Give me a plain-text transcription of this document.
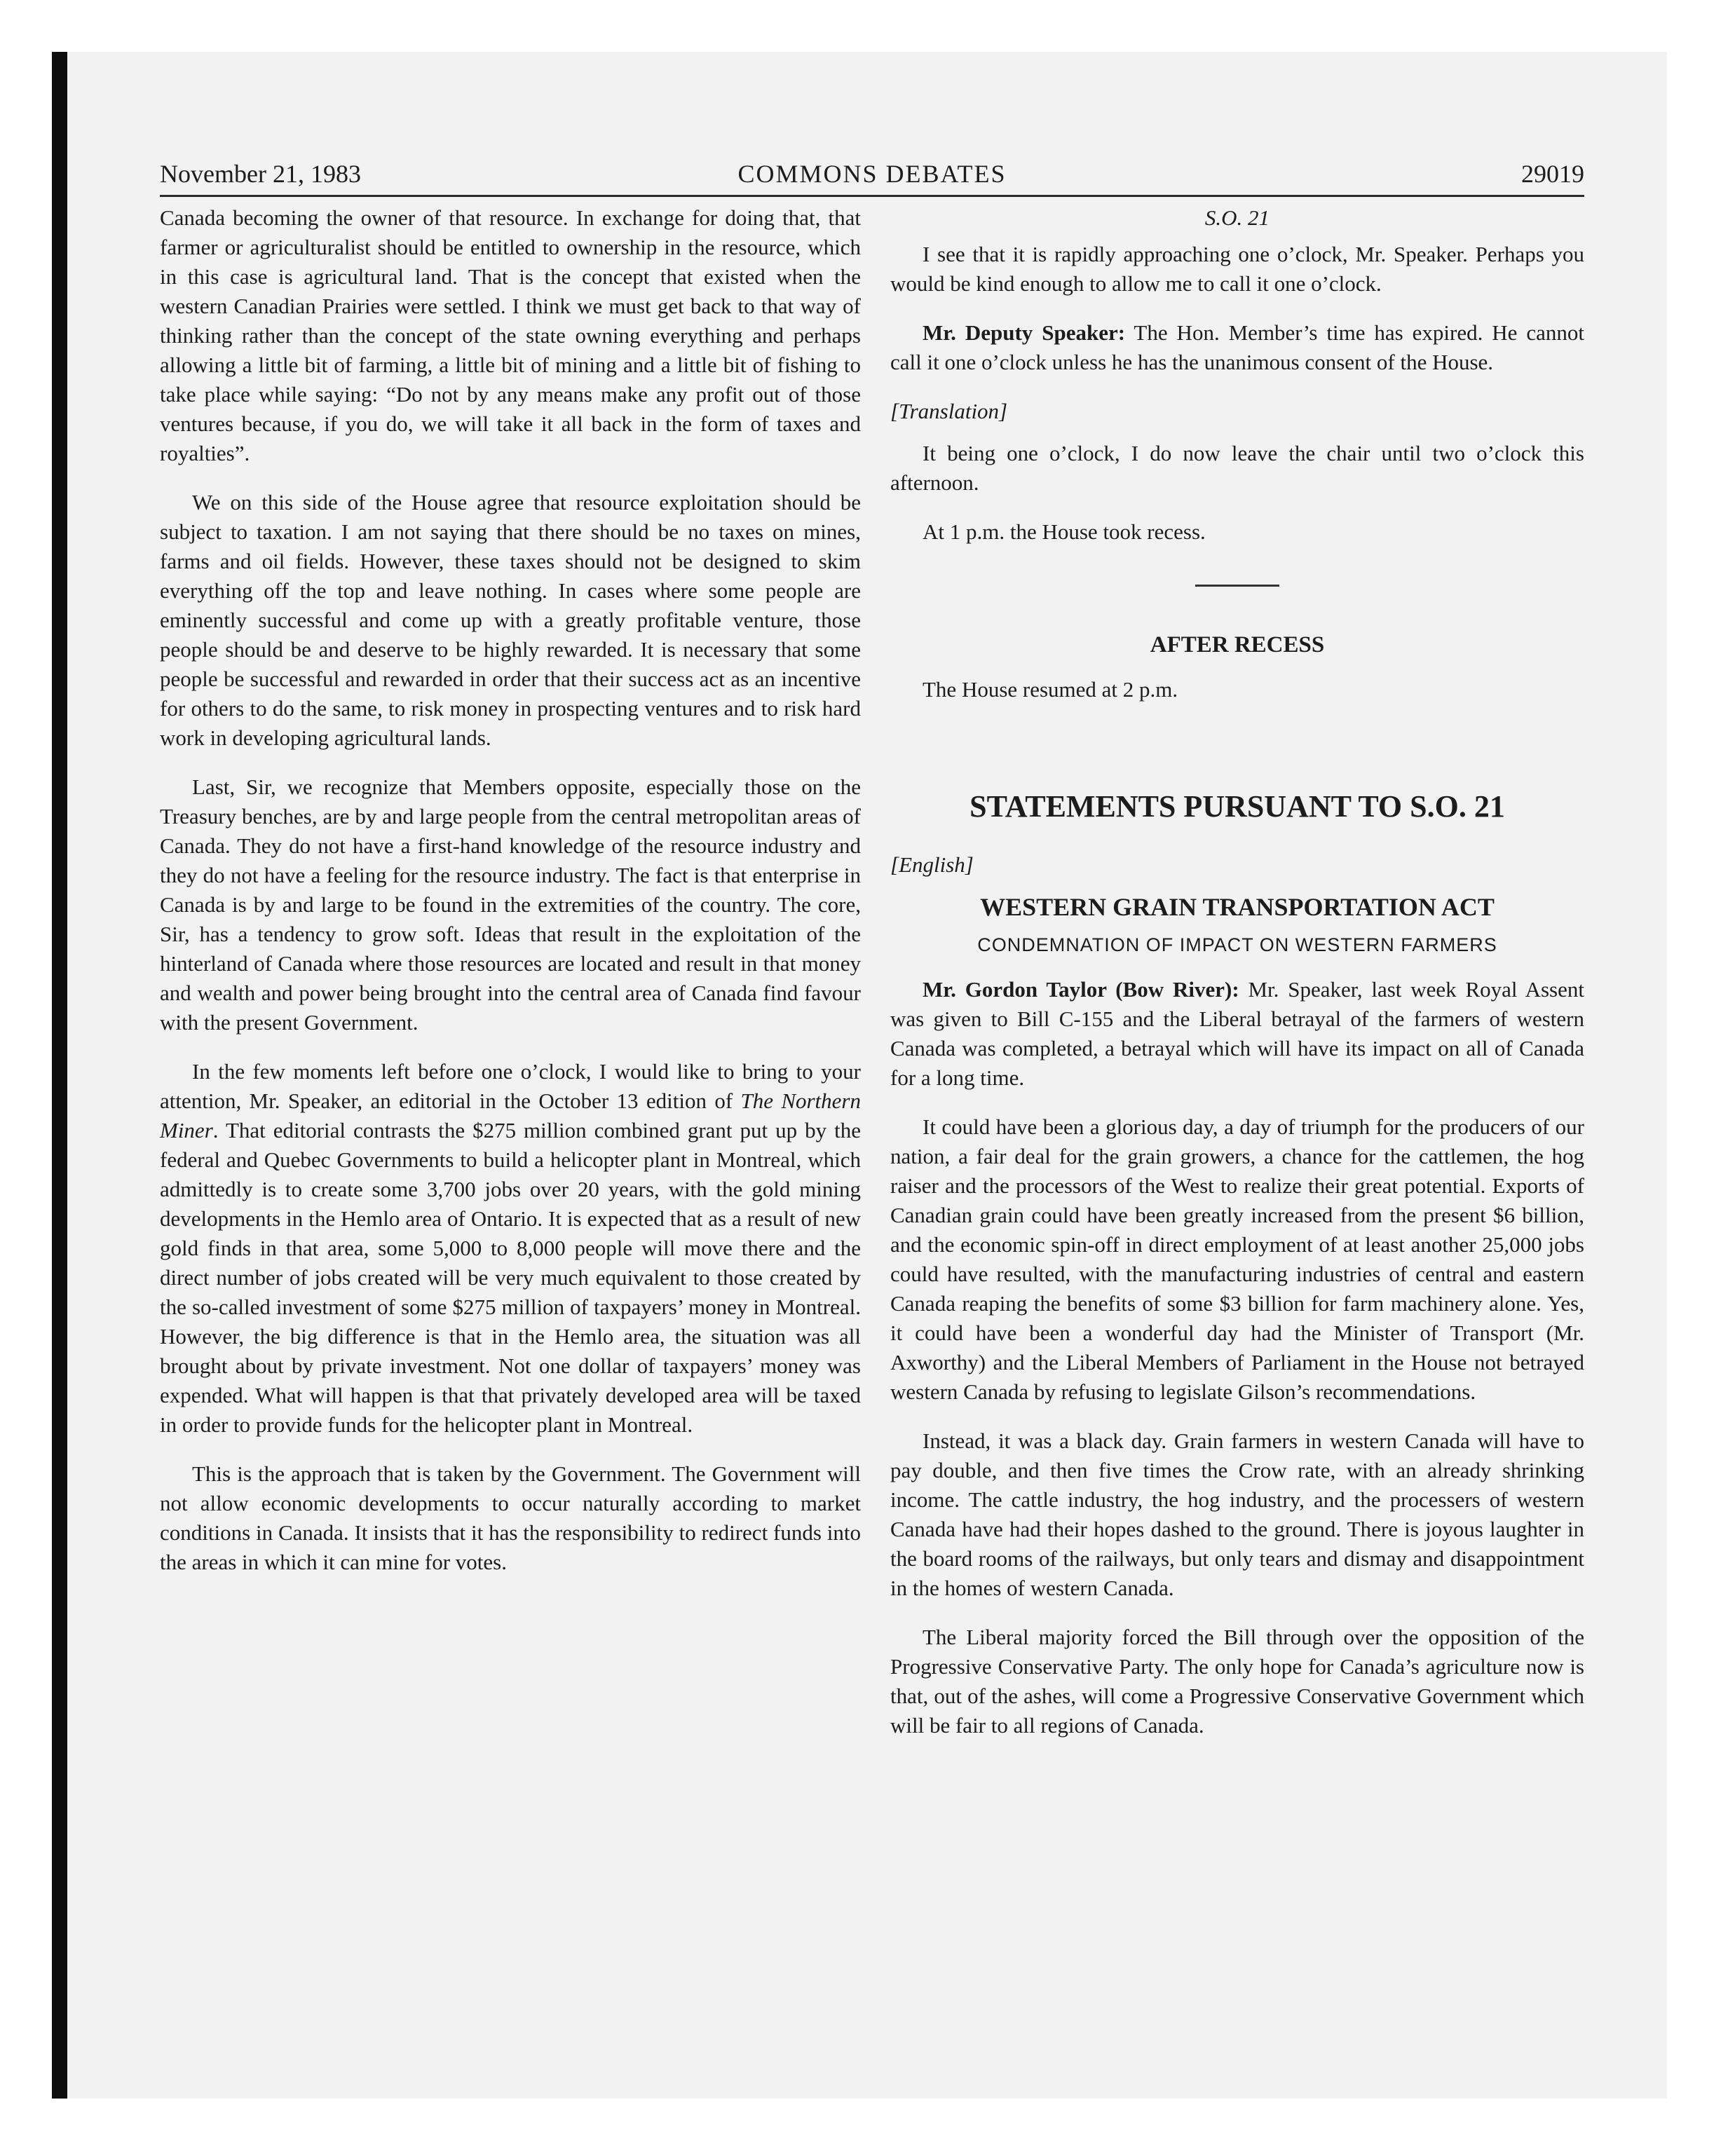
November 21, 1983	COMMONS DEBATES	29019

Canada becoming the owner of that resource. In exchange for doing that, that farmer or agriculturalist should be entitled to ownership in the resource, which in this case is agricultural land. That is the concept that existed when the western Canadian Prairies were settled. I think we must get back to that way of thinking rather than the concept of the state owning everything and perhaps allowing a little bit of farming, a little bit of mining and a little bit of fishing to take place while saying: “Do not by any means make any profit out of those ventures because, if you do, we will take it all back in the form of taxes and royalties”.

We on this side of the House agree that resource exploitation should be subject to taxation. I am not saying that there should be no taxes on mines, farms and oil fields. However, these taxes should not be designed to skim everything off the top and leave nothing. In cases where some people are eminently successful and come up with a greatly profitable venture, those people should be and deserve to be highly rewarded. It is necessary that some people be successful and rewarded in order that their success act as an incentive for others to do the same, to risk money in prospecting ventures and to risk hard work in developing agricultural lands.

Last, Sir, we recognize that Members opposite, especially those on the Treasury benches, are by and large people from the central metropolitan areas of Canada. They do not have a first-hand knowledge of the resource industry and they do not have a feeling for the resource industry. The fact is that enterprise in Canada is by and large to be found in the extremities of the country. The core, Sir, has a tendency to grow soft. Ideas that result in the exploitation of the hinterland of Canada where those resources are located and result in that money and wealth and power being brought into the central area of Canada find favour with the present Government.

In the few moments left before one o’clock, I would like to bring to your attention, Mr. Speaker, an editorial in the October 13 edition of The Northern Miner. That editorial contrasts the $275 million combined grant put up by the federal and Quebec Governments to build a helicopter plant in Montreal, which admittedly is to create some 3,700 jobs over 20 years, with the gold mining developments in the Hemlo area of Ontario. It is expected that as a result of new gold finds in that area, some 5,000 to 8,000 people will move there and the direct number of jobs created will be very much equivalent to those created by the so-called investment of some $275 million of taxpayers’ money in Montreal. However, the big difference is that in the Hemlo area, the situation was all brought about by private investment. Not one dollar of taxpayers’ money was expended. What will happen is that that privately developed area will be taxed in order to provide funds for the helicopter plant in Montreal.

This is the approach that is taken by the Government. The Government will not allow economic developments to occur naturally according to market conditions in Canada. It insists that it has the responsibility to redirect funds into the areas in which it can mine for votes.

S.O. 21

I see that it is rapidly approaching one o’clock, Mr. Speaker. Perhaps you would be kind enough to allow me to call it one o’clock.

Mr. Deputy Speaker: The Hon. Member’s time has expired. He cannot call it one o’clock unless he has the unanimous consent of the House.

[Translation]

It being one o’clock, I do now leave the chair until two o’clock this afternoon.

At 1 p.m. the House took recess.

AFTER RECESS

The House resumed at 2 p.m.

STATEMENTS PURSUANT TO S.O. 21

[English]

WESTERN GRAIN TRANSPORTATION ACT

CONDEMNATION OF IMPACT ON WESTERN FARMERS

Mr. Gordon Taylor (Bow River): Mr. Speaker, last week Royal Assent was given to Bill C-155 and the Liberal betrayal of the farmers of western Canada was completed, a betrayal which will have its impact on all of Canada for a long time.

It could have been a glorious day, a day of triumph for the producers of our nation, a fair deal for the grain growers, a chance for the cattlemen, the hog raiser and the processors of the West to realize their great potential. Exports of Canadian grain could have been greatly increased from the present $6 billion, and the economic spin-off in direct employment of at least another 25,000 jobs could have resulted, with the manufacturing industries of central and eastern Canada reaping the benefits of some $3 billion for farm machinery alone. Yes, it could have been a wonderful day had the Minister of Transport (Mr. Axworthy) and the Liberal Members of Parliament in the House not betrayed western Canada by refusing to legislate Gilson’s recommendations.

Instead, it was a black day. Grain farmers in western Canada will have to pay double, and then five times the Crow rate, with an already shrinking income. The cattle industry, the hog industry, and the processers of western Canada have had their hopes dashed to the ground. There is joyous laughter in the board rooms of the railways, but only tears and dismay and disappointment in the homes of western Canada.

The Liberal majority forced the Bill through over the opposition of the Progressive Conservative Party. The only hope for Canada’s agriculture now is that, out of the ashes, will come a Progressive Conservative Government which will be fair to all regions of Canada.
